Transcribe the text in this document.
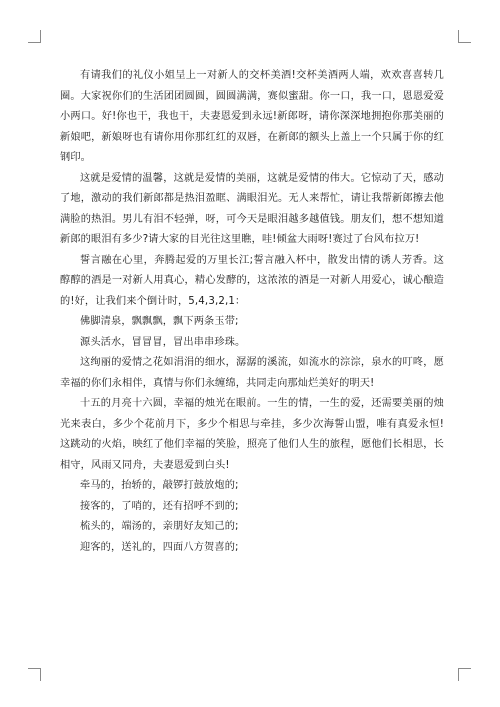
有请我们的礼仪小姐呈上一对新人的交杯美酒!交杯美酒两人端，欢欢喜喜转几圈。大家祝你们的生活团团圆圆，圆圆满满，赛似蜜甜。你一口，我一口，恩恩爱爱小两口。好!你也干，我也干，夫妻恩爱到永远!新郎呀，请你深深地拥抱你那美丽的新娘吧，新娘呀也有请你用你那红红的双唇，在新郎的额头上盖上一个只属于你的红钢印。

这就是爱情的温馨，这就是爱情的美丽，这就是爱情的伟大。它惊动了天，感动了地，激动的我们新郎都是热泪盈眶、满眼泪光。无人来帮忙，请让我帮新郎擦去他满脸的热泪。男儿有泪不轻弹，呀，可今天是眼泪越多越值钱。朋友们，想不想知道新郎的眼泪有多少?请大家的目光往这里瞧，哇!倾盆大雨呀!赛过了台风布拉万!

誓言融在心里，奔腾起爱的万里长江;誓言融入杯中，散发出情的诱人芳香。这醇醇的酒是一对新人用真心，精心发酵的，这浓浓的酒是一对新人用爱心，诚心酿造的!好，让我们来个倒计时，5,4,3,2,1：

佛脚清泉，飘飘飘，飘下两条玉带;

源头活水，冒冒冒，冒出串串珍珠。

这绚丽的爱情之花如涓涓的细水，潺潺的溪流，如流水的淙淙，泉水的叮咚，愿幸福的你们永相伴，真情与你们永缠绵，共同走向那灿烂美好的明天!

十五的月亮十六圆，幸福的烛光在眼前。一生的情，一生的爱，还需要美丽的烛光来表白，多少个花前月下，多少个相思与牵挂，多少次海誓山盟，唯有真爱永恒!这跳动的火焰，映红了他们幸福的笑脸，照亮了他们人生的旅程，愿他们长相思，长相守，风雨又同舟，夫妻恩爱到白头!

牵马的，抬轿的，敲锣打鼓放炮的;

接客的，了哨的，还有招呼不到的;

梳头的，端汤的，亲朋好友知己的;

迎客的，送礼的，四面八方贺喜的;
